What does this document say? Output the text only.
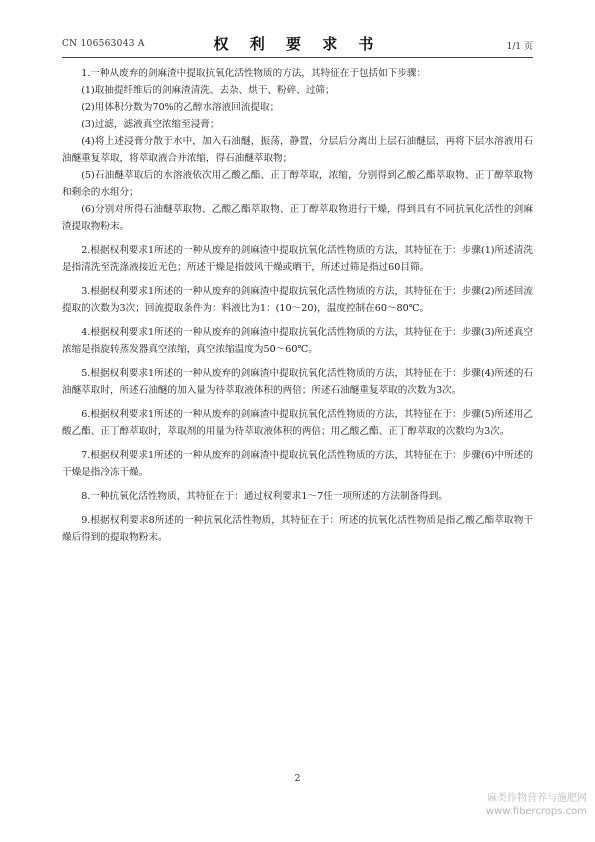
CN 106563043 A	权 利 要 求 书	1/1 页

1.一种从废弃的剑麻渣中提取抗氧化活性物质的方法，其特征在于包括如下步骤：

(1)取抽提纤维后的剑麻渣清洗、去杂、烘干、粉碎、过筛；

(2)用体积分数为70%的乙醇水溶液回流提取；

(3)过滤，滤液真空浓缩至浸膏；

(4)将上述浸膏分散于水中，加入石油醚，振荡，静置，分层后分离出上层石油醚层，再将下层水溶液用石油醚重复萃取，将萃取液合并浓缩，得石油醚萃取物；

(5)石油醚萃取后的水溶液依次用乙酸乙酯、正丁醇萃取，浓缩，分别得到乙酸乙酯萃取物、正丁醇萃取物和剩余的水组分；

(6)分别对所得石油醚萃取物、乙酸乙酯萃取物、正丁醇萃取物进行干燥，得到具有不同抗氧化活性的剑麻渣提取物粉末。

2.根据权利要求1所述的一种从废弃的剑麻渣中提取抗氧化活性物质的方法，其特征在于：步骤(1)所述清洗是指清洗至洗涤液接近无色；所述干燥是指鼓风干燥或晒干，所述过筛是指过60目筛。

3.根据权利要求1所述的一种从废弃的剑麻渣中提取抗氧化活性物质的方法，其特征在于：步骤(2)所述回流提取的次数为3次；回流提取条件为：料液比为1：(10～20)，温度控制在60～80℃。

4.根据权利要求1所述的一种从废弃的剑麻渣中提取抗氧化活性物质的方法，其特征在于：步骤(3)所述真空浓缩是指旋转蒸发器真空浓缩，真空浓缩温度为50～60℃。

5.根据权利要求1所述的一种从废弃的剑麻渣中提取抗氧化活性物质的方法，其特征在于：步骤(4)所述的石油醚萃取时，所述石油醚的加入量为待萃取液体积的两倍；所述石油醚重复萃取的次数为3次。

6.根据权利要求1所述的一种从废弃的剑麻渣中提取抗氧化活性物质的方法，其特征在于：步骤(5)所述用乙酸乙酯、正丁醇萃取时，萃取剂的用量为待萃取液体积的两倍；用乙酸乙酯、正丁醇萃取的次数均为3次。

7.根据权利要求1所述的一种从废弃的剑麻渣中提取抗氧化活性物质的方法，其特征在于：步骤(6)中所述的干燥是指冷冻干燥。

8.一种抗氧化活性物质，其特征在于：通过权利要求1～7任一项所述的方法制备得到。

9.根据权利要求8所述的一种抗氧化活性物质，其特征在于：所述的抗氧化活性物质是指乙酸乙酯萃取物干燥后得到的提取物粉末。

2
麻类作物营养与施肥网
www.fibercrops.com
